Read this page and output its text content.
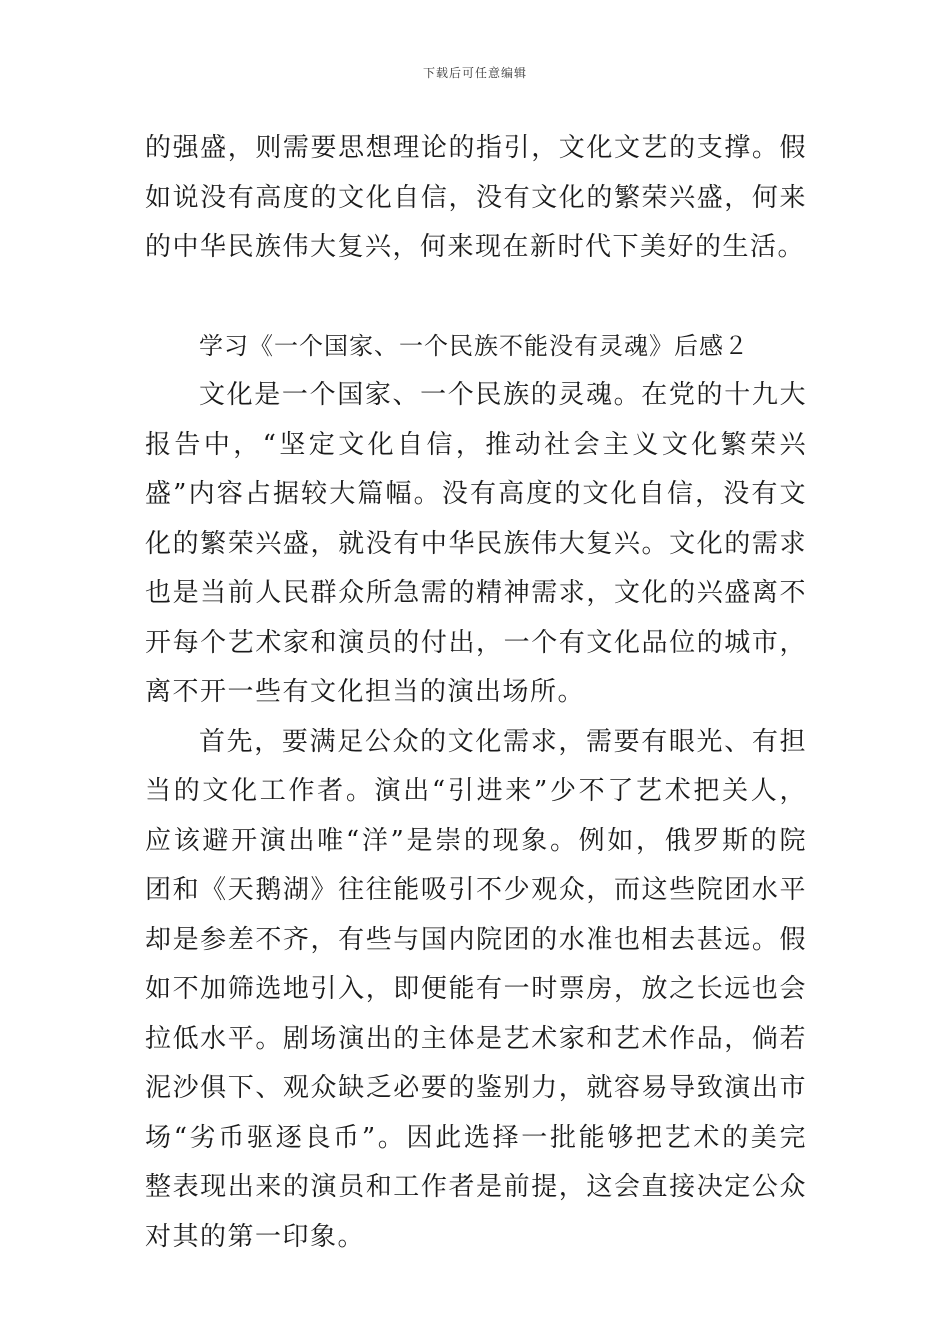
下载后可任意编辑

的强盛，则需要思想理论的指引，文化文艺的支撑。假如说没有高度的文化自信，没有文化的繁荣兴盛，何来的中华民族伟大复兴，何来现在新时代下美好的生活。

学习《一个国家、一个民族不能没有灵魂》后感２

文化是一个国家、一个民族的灵魂。在党的十九大报告中，“坚定文化自信，推动社会主义文化繁荣兴盛”内容占据较大篇幅。没有高度的文化自信，没有文化的繁荣兴盛，就没有中华民族伟大复兴。文化的需求也是当前人民群众所急需的精神需求，文化的兴盛离不开每个艺术家和演员的付出，一个有文化品位的城市，离不开一些有文化担当的演出场所。

首先，要满足公众的文化需求，需要有眼光、有担当的文化工作者。演出“引进来”少不了艺术把关人，应该避开演出唯“洋”是崇的现象。例如，俄罗斯的院团和《天鹅湖》往往能吸引不少观众，而这些院团水平却是参差不齐，有些与国内院团的水准也相去甚远。假如不加筛选地引入，即便能有一时票房，放之长远也会拉低水平。剧场演出的主体是艺术家和艺术作品，倘若泥沙俱下、观众缺乏必要的鉴别力，就容易导致演出市场“劣币驱逐良币”。因此选择一批能够把艺术的美完整表现出来的演员和工作者是前提，这会直接决定公众对其的第一印象。
